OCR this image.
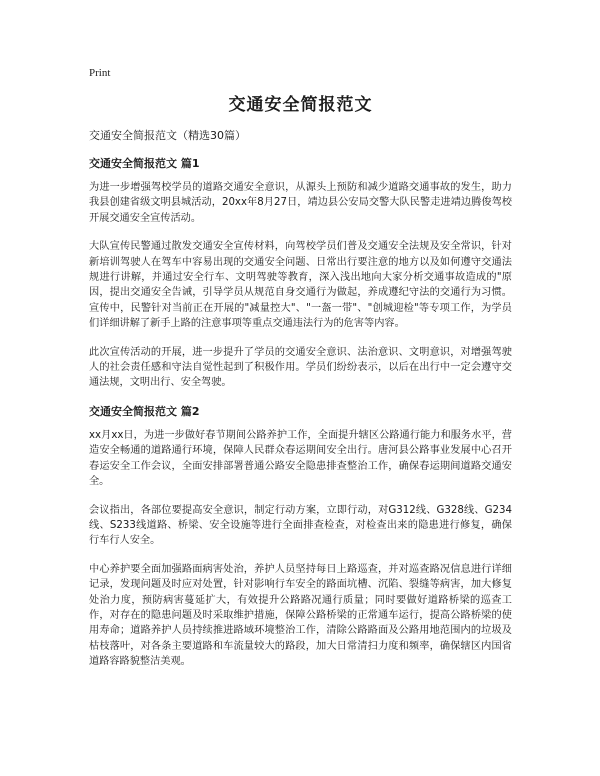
Print
交通安全简报范文
交通安全简报范文（精选30篇）
交通安全简报范文 篇1

为进一步增强驾校学员的道路交通安全意识，从源头上预防和减少道路交通事故的发生，助力我县创建省级文明县城活动，20xx年8月27日，靖边县公安局交警大队民警走进靖边腾俊驾校开展交通安全宣传活动。

大队宣传民警通过散发交通安全宣传材料，向驾校学员们普及交通安全法规及安全常识，针对新培训驾驶人在驾车中容易出现的交通安全问题、日常出行要注意的地方以及如何遵守交通法规进行讲解，并通过安全行车、文明驾驶等教育，深入浅出地向大家分析交通事故造成的"原因，提出交通安全告诫，引导学员从规范自身交通行为做起，养成遵纪守法的交通行为习惯。宣传中，民警针对当前正在开展的"减量控大"、"一盔一带"、"创城迎检"等专项工作，为学员们详细讲解了新手上路的注意事项等重点交通违法行为的危害等内容。

此次宣传活动的开展，进一步提升了学员的交通安全意识、法治意识、文明意识，对增强驾驶人的社会责任感和守法自觉性起到了积极作用。学员们纷纷表示，以后在出行中一定会遵守交通法规，文明出行、安全驾驶。

交通安全简报范文 篇2

xx月xx日，为进一步做好春节期间公路养护工作，全面提升辖区公路通行能力和服务水平，营造安全畅通的道路通行环境，保障人民群众春运期间安全出行。唐河县公路事业发展中心召开春运安全工作会议，全面安排部署普通公路安全隐患排查整治工作，确保春运期间道路交通安全。

会议指出，各部位要提高安全意识，制定行动方案，立即行动，对G312线、G328线、G234线、S233线道路、桥梁、安全设施等进行全面排查检查，对检查出来的隐患进行修复，确保行车行人安全。

中心养护要全面加强路面病害处治，养护人员坚持每日上路巡查，并对巡查路况信息进行详细记录，发现问题及时应对处置，针对影响行车安全的路面坑槽、沉陷、裂缝等病害，加大修复处治力度，预防病害蔓延扩大，有效提升公路路况通行质量；同时要做好道路桥梁的巡查工作，对存在的隐患问题及时采取维护措施，保障公路桥梁的正常通车运行，提高公路桥梁的使用寿命；道路养护人员持续推进路域环境整治工作，清除公路路面及公路用地范围内的垃圾及枯枝落叶，对各条主要道路和车流量较大的路段，加大日常清扫力度和频率，确保辖区内国省道路容路貌整洁美观。
